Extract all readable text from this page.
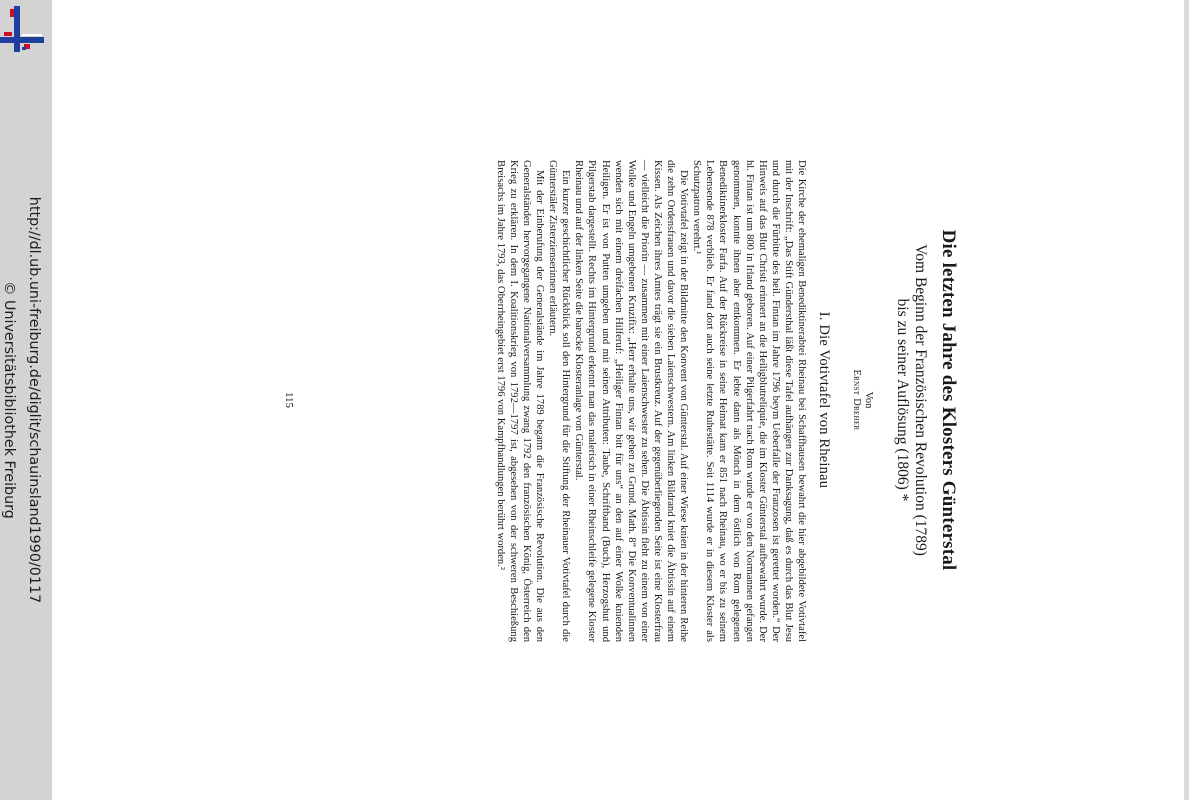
http://dl.ub.uni-freiburg.de/diglit/schauinsland1990/0117
© Universitätsbibliothek Freiburg	Die letzten Jahre des Klosters Günterstal
Vom Beginn der Französischen Revolution (1789)
bis zu seiner Auflösung (1806) *
Von
Ernst Dreher
I. Die Votivtafel von Rheinau

Die Kirche der ehemaligen Benediktinerabtei Rheinau bei Schaffhausen bewahrt die hier abgebildete Votivtafel mit der Inschrift: „Das Stift Gündersthal läßt diese Tafel aufhängen zur Danksagung, daß es durch das Blut Jesu und durch die Fürbitte des heil. Fintan im Jahre 1796 beym Ueberfalle der Franzosen ist gerettet worden.“ Der Hinweis auf das Blut Christi erinnert an die Heiligblutreliquie, die im Kloster Günterstal aufbewahrt wurde. Der hl. Fintan ist um 800 in Irland geboren. Auf einer Pilgerfahrt nach Rom wurde er von den Normannen gefangen genommen, konnte ihnen aber entkommen. Er lebte dann als Mönch in dem östlich von Rom gelegenen Benediktinerkloster Farfa. Auf der Rückreise in seine Heimat kam er 851 nach Rheinau, wo er bis zu seinem Lebensende 878 verblieb. Er fand dort auch seine letzte Ruhestätte. Seit 1114 wurde er in diesem Kloster als Schutzpatron verehrt.¹

Die Votivtafel zeigt in der Bildmitte den Konvent von Günterstal. Auf einer Wiese knien in der hinteren Reihe die zehn Ordensfrauen und davor die sieben Laienschwestern. Am linken Bildrand kniet die Äbtissin auf einem Kissen. Als Zeichen ihres Amtes trägt sie ein Brustkreuz. Auf der gegenüberliegenden Seite ist eine Klosterfrau — vielleicht die Priorin — zusammen mit einer Laienschwester zu sehen. Die Äbtissin fleht zu einem von einer Wolke und Engeln umgebenen Kruzifix: „Herr erhalte uns, wir gehen zu Grund. Math. 8“ Die Konventualinnen wenden sich mit einem dreifachen Hilferuf: „Heiliger Fintan bitt für uns“ an den auf einer Wolke knienden Heiligen. Er ist von Putten umgeben und mit seinen Attributen: Taube, Schriftband (Buch), Herzogshut und Pilgerstab dargestellt. Rechts im Hintergrund erkennt man das malerisch in einer Rheinschleife gelegene Kloster Rheinau und auf der linken Seite die barocke Klosteranlage von Günterstal.

Ein kurzer geschichtlicher Rückblick soll den Hintergrund für die Stiftung der Rheinauer Votivtafel durch die Günterstäler Zisterzienserinnen erläutern.

Mit der Einberufung der Generalstände im Jahre 1789 begann die Französische Revolution. Die aus den Generalständen hervorgegangene Nationalversammlung zwang 1792 den französischen König, Österreich den Krieg zu erklären. In dem I. Koalitionskrieg von 1792—1797 ist, abgesehen von der schweren Beschießung Breisachs im Jahre 1793, das Oberrheingebiet erst 1796 von Kampfhandlungen berührt worden.²

115
